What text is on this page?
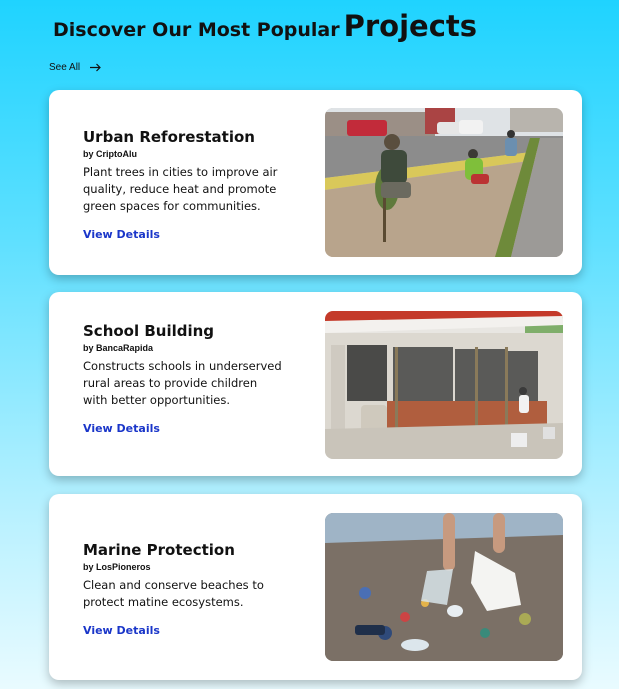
Discover Our Most Popular Projects
See All
Urban Reforestation
by CriptoAlu
Plant trees in cities to improve air quality, reduce heat and promote green spaces for communities.
View Details
School Building
by BancaRapida
Constructs schools in underserved rural areas to provide children with better opportunities.
View Details
Marine Protection
by LosPioneros
Clean and conserve beaches to protect matine ecosystems.
View Details
